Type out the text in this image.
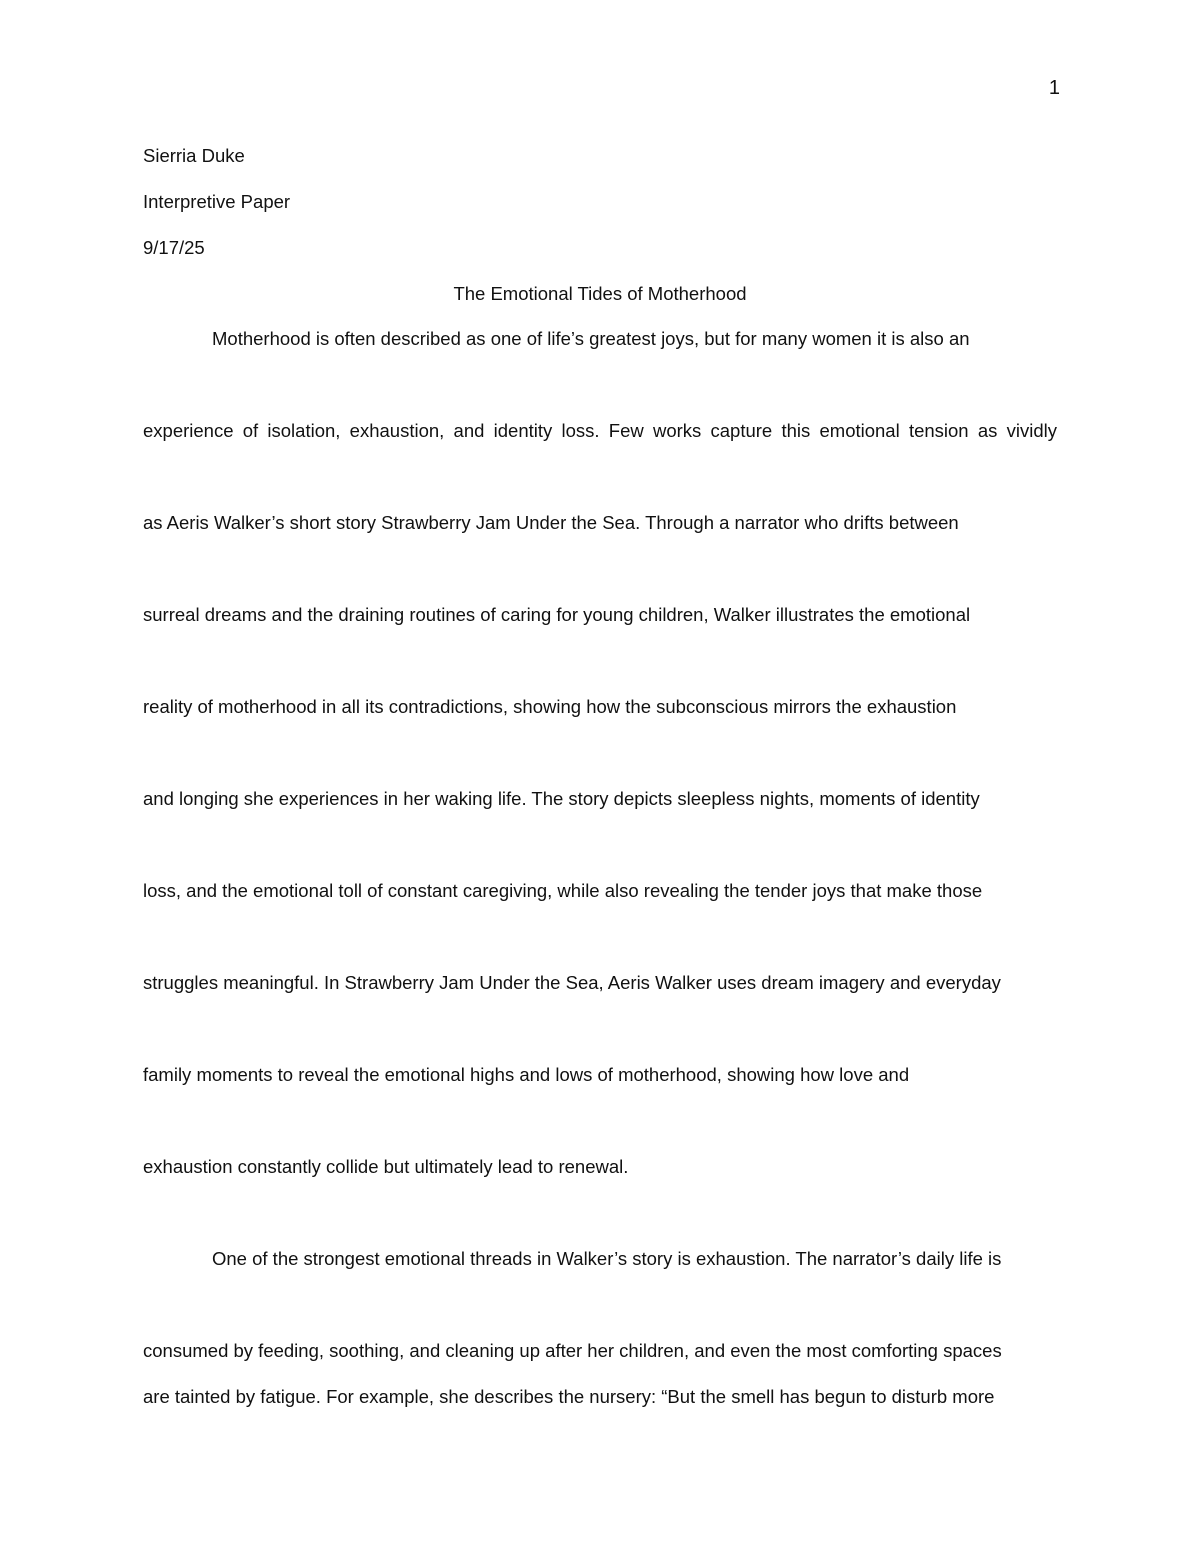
1
Sierria Duke
Interpretive Paper
9/17/25
The Emotional Tides of Motherhood
Motherhood is often described as one of life’s greatest joys, but for many women it is also an
experience of isolation, exhaustion, and identity loss. Few works capture this emotional tension as vividly
as Aeris Walker’s short story Strawberry Jam Under the Sea. Through a narrator who drifts between
surreal dreams and the draining routines of caring for young children, Walker illustrates the emotional
reality of motherhood in all its contradictions, showing how the subconscious mirrors the exhaustion
and longing she experiences in her waking life. The story depicts sleepless nights, moments of identity
loss, and the emotional toll of constant caregiving, while also revealing the tender joys that make those
struggles meaningful. In Strawberry Jam Under the Sea, Aeris Walker uses dream imagery and everyday
family moments to reveal the emotional highs and lows of motherhood, showing how love and
exhaustion constantly collide but ultimately lead to renewal.
One of the strongest emotional threads in Walker’s story is exhaustion. The narrator’s daily life is
consumed by feeding, soothing, and cleaning up after her children, and even the most comforting spaces
are tainted by fatigue. For example, she describes the nursery: “But the smell has begun to disturb more
